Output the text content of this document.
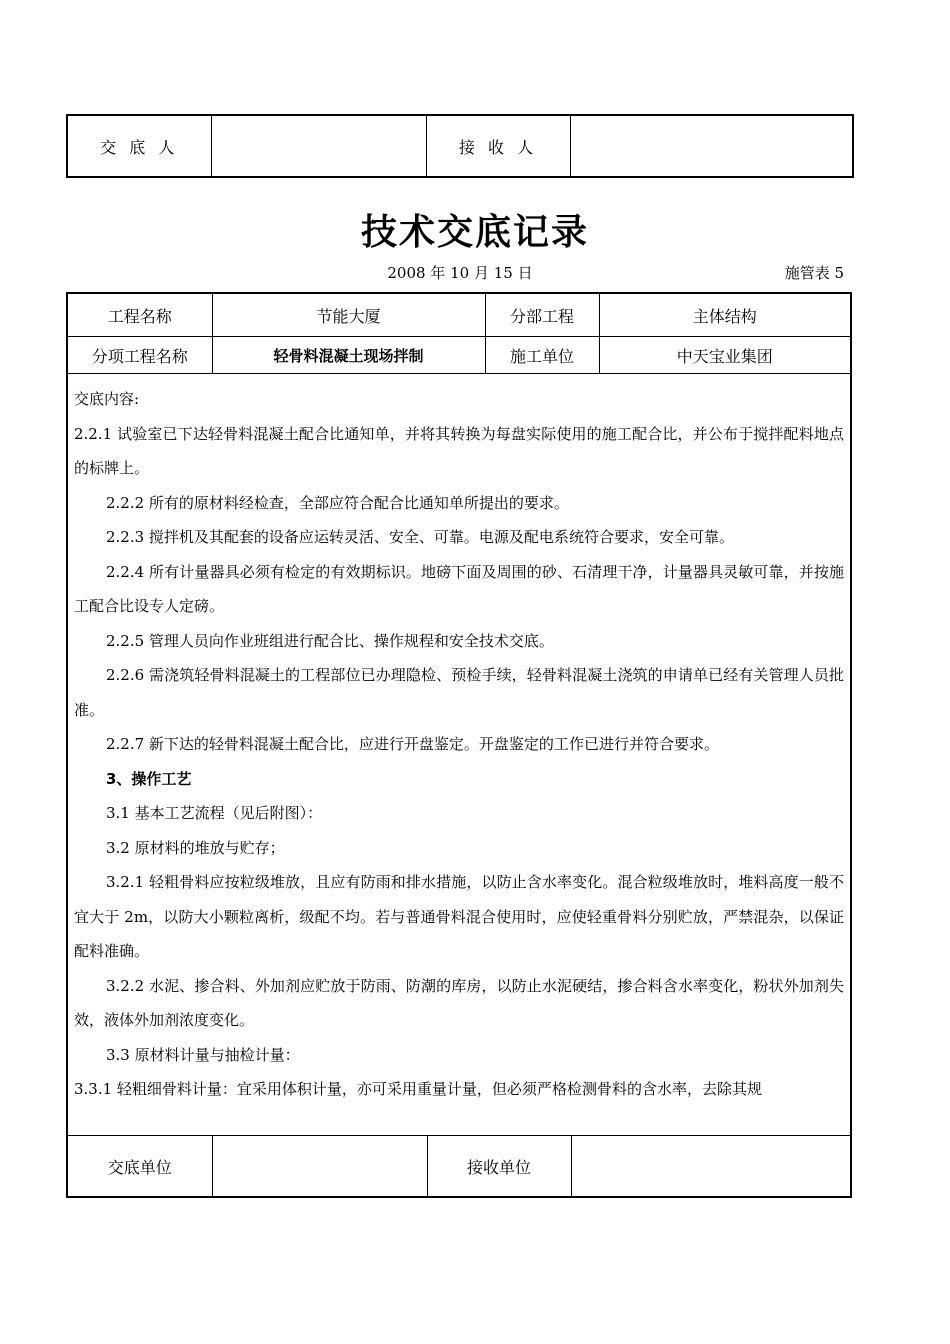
交 底 人		接 收 人	
技术交底记录
2008 年 10 月 15 日	施管表 5
工程名称	节能大厦	分部工程	主体结构
分项工程名称	轻骨料混凝土现场拌制	施工单位	中天宝业集团

交底内容:

2.2.1 试验室已下达轻骨料混凝土配合比通知单，并将其转换为每盘实际使用的施工配合比，并公布于搅拌配料地点的标牌上。

2.2.2 所有的原材料经检查，全部应符合配合比通知单所提出的要求。

2.2.3 搅拌机及其配套的设备应运转灵活、安全、可靠。电源及配电系统符合要求，安全可靠。

2.2.4 所有计量器具必须有检定的有效期标识。地磅下面及周围的砂、石清理干净，计量器具灵敏可靠，并按施工配合比设专人定磅。

2.2.5 管理人员向作业班组进行配合比、操作规程和安全技术交底。

2.2.6 需浇筑轻骨料混凝土的工程部位已办理隐检、预检手续，轻骨料混凝土浇筑的申请单已经有关管理人员批准。

2.2.7 新下达的轻骨料混凝土配合比，应进行开盘鉴定。开盘鉴定的工作已进行并符合要求。

3、操作工艺

3.1 基本工艺流程（见后附图）：

3.2 原材料的堆放与贮存；

3.2.1 轻粗骨料应按粒级堆放，且应有防雨和排水措施，以防止含水率变化。混合粒级堆放时，堆料高度一般不宜大于 2m，以防大小颗粒离析，级配不均。若与普通骨料混合使用时，应使轻重骨料分别贮放，严禁混杂，以保证配料准确。

3.2.2 水泥、掺合料、外加剂应贮放于防雨、防潮的库房，以防止水泥硬结，掺合料含水率变化，粉状外加剂失效，液体外加剂浓度变化。

3.3 原材料计量与抽检计量：

3.3.1 轻粗细骨料计量：宜采用体积计量，亦可采用重量计量，但必须严格检测骨料的含水率，去除其规

交底单位		接收单位	
